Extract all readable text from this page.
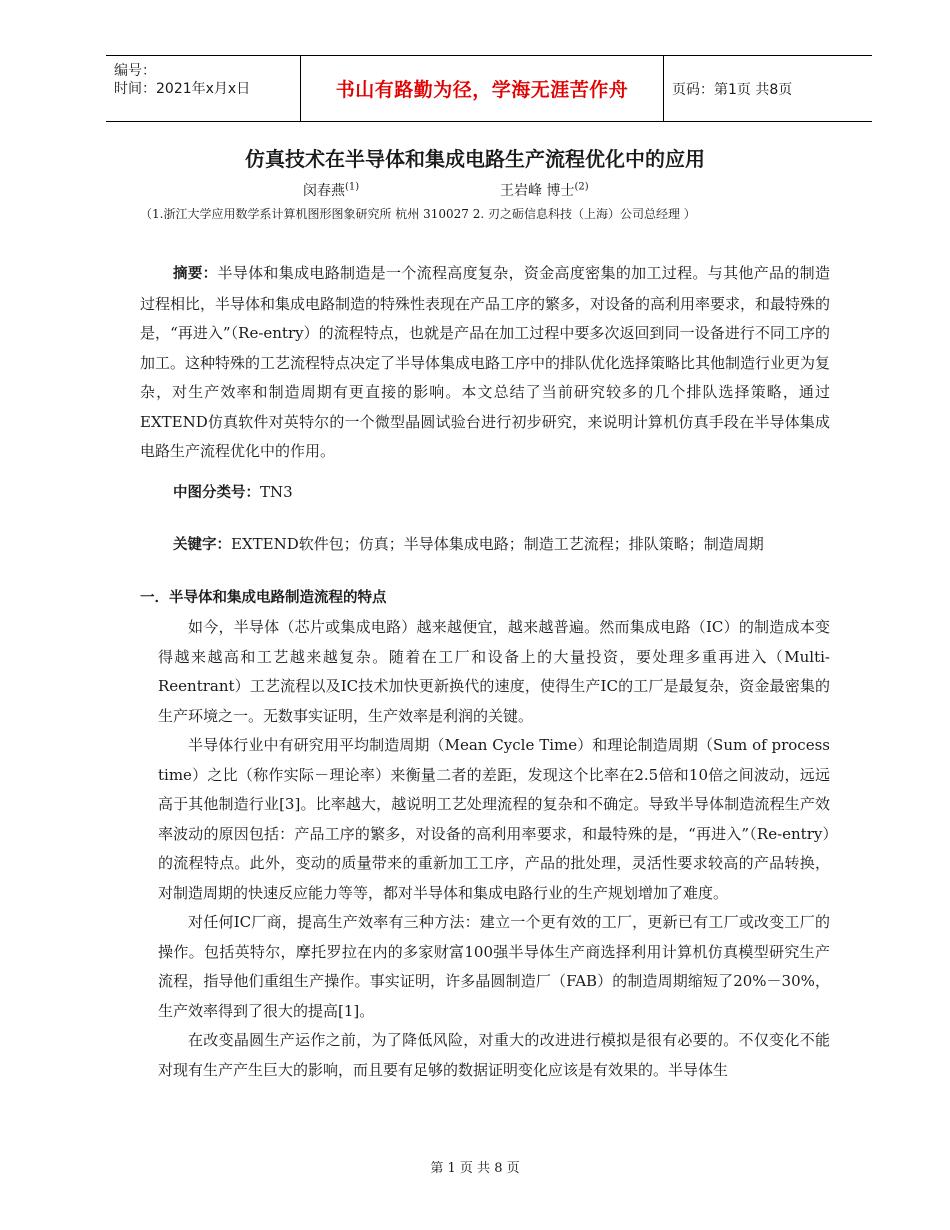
编号：
时间：2021年x月x日	书山有路勤为径，学海无涯苦作舟	页码：第1页 共8页
仿真技术在半导体和集成电路生产流程优化中的应用
闵春燕$^{(1)}$	王岩峰 博士$^{(2)}$
（1.浙江大学应用数学系计算机图形图象研究所 杭州 310027 2. 刃之砺信息科技（上海）公司总经理 ）
摘要：半导体和集成电路制造是一个流程高度复杂，资金高度密集的加工过程。与其他产品的制造过程相比，半导体和集成电路制造的特殊性表现在产品工序的繁多，对设备的高利用率要求，和最特殊的是，“再进入”（Re-entry）的流程特点，也就是产品在加工过程中要多次返回到同一设备进行不同工序的加工。这种特殊的工艺流程特点决定了半导体集成电路工序中的排队优化选择策略比其他制造行业更为复杂，对生产效率和制造周期有更直接的影响。本文总结了当前研究较多的几个排队选择策略，通过EXTEND仿真软件对英特尔的一个微型晶圆试验台进行初步研究，来说明计算机仿真手段在半导体集成电路生产流程优化中的作用。
中图分类号：TN3
关键字：EXTEND软件包；仿真；半导体集成电路；制造工艺流程；排队策略；制造周期
一．半导体和集成电路制造流程的特点

如今，半导体（芯片或集成电路）越来越便宜，越来越普遍。然而集成电路（IC）的制造成本变得越来越高和工艺越来越复杂。随着在工厂和设备上的大量投资，要处理多重再进入（Multi-Reentrant）工艺流程以及IC技术加快更新换代的速度，使得生产IC的工厂是最复杂，资金最密集的生产环境之一。无数事实证明，生产效率是利润的关键。

半导体行业中有研究用平均制造周期（Mean Cycle Time）和理论制造周期（Sum of process time）之比（称作实际－理论率）来衡量二者的差距，发现这个比率在2.5倍和10倍之间波动，远远高于其他制造行业[3]。比率越大，越说明工艺处理流程的复杂和不确定。导致半导体制造流程生产效率波动的原因包括：产品工序的繁多，对设备的高利用率要求，和最特殊的是，“再进入”（Re-entry）的流程特点。此外，变动的质量带来的重新加工工序，产品的批处理，灵活性要求较高的产品转换，对制造周期的快速反应能力等等，都对半导体和集成电路行业的生产规划增加了难度。

对任何IC厂商，提高生产效率有三种方法：建立一个更有效的工厂，更新已有工厂或改变工厂的操作。包括英特尔，摩托罗拉在内的多家财富100强半导体生产商选择利用计算机仿真模型研究生产流程，指导他们重组生产操作。事实证明，许多晶圆制造厂（FAB）的制造周期缩短了20%－30%，生产效率得到了很大的提高[1]。

在改变晶圆生产运作之前，为了降低风险，对重大的改进进行模拟是很有必要的。不仅变化不能对现有生产产生巨大的影响，而且要有足够的数据证明变化应该是有效果的。半导体生

第 1 页 共 8 页
